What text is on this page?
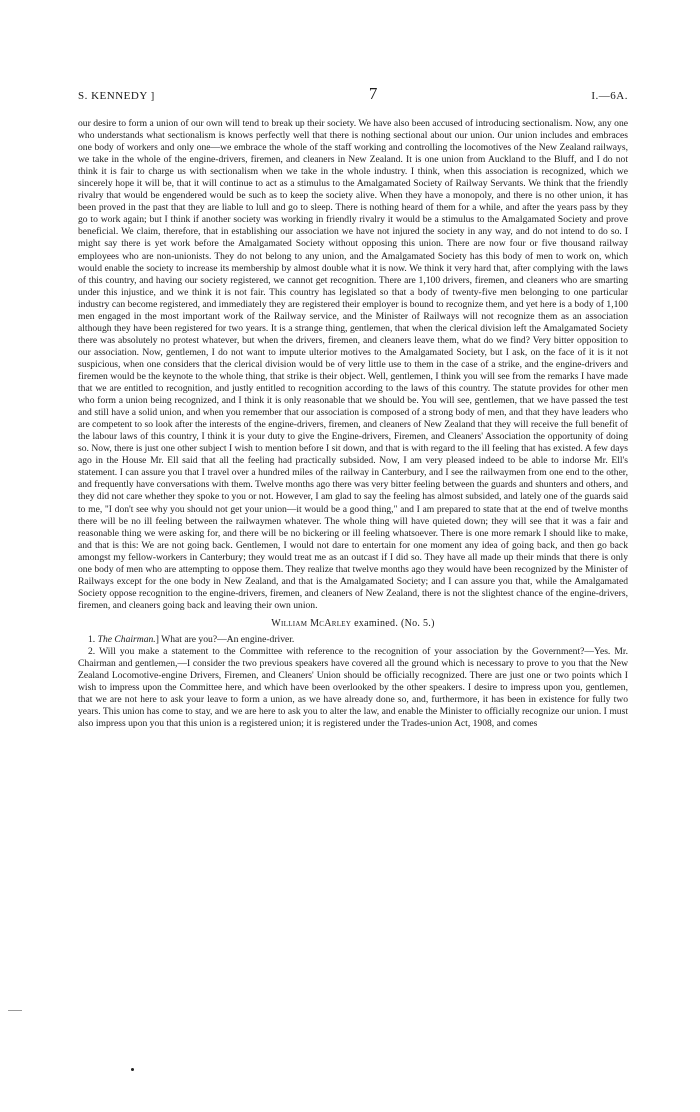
S. KENNEDY ]	7	I.—6A.

our desire to form a union of our own will tend to break up their society. We have also been accused of introducing sectionalism. Now, any one who understands what sectionalism is knows perfectly well that there is nothing sectional about our union. Our union includes and embraces one body of workers and only one—we embrace the whole of the staff working and controlling the locomotives of the New Zealand railways, we take in the whole of the engine-drivers, firemen, and cleaners in New Zealand. It is one union from Auckland to the Bluff, and I do not think it is fair to charge us with sectionalism when we take in the whole industry. I think, when this association is recognized, which we sincerely hope it will be, that it will continue to act as a stimulus to the Amalgamated Society of Railway Servants. We think that the friendly rivalry that would be engendered would be such as to keep the society alive. When they have a monopoly, and there is no other union, it has been proved in the past that they are liable to lull and go to sleep. There is nothing heard of them for a while, and after the years pass by they go to work again; but I think if another society was working in friendly rivalry it would be a stimulus to the Amalgamated Society and prove beneficial. We claim, therefore, that in establishing our association we have not injured the society in any way, and do not intend to do so. I might say there is yet work before the Amalgamated Society without opposing this union. There are now four or five thousand railway employees who are non-unionists. They do not belong to any union, and the Amalgamated Society has this body of men to work on, which would enable the society to increase its membership by almost double what it is now. We think it very hard that, after complying with the laws of this country, and having our society registered, we cannot get recognition. There are 1,100 drivers, firemen, and cleaners who are smarting under this injustice, and we think it is not fair. This country has legislated so that a body of twenty-five men belonging to one particular industry can become registered, and immediately they are registered their employer is bound to recognize them, and yet here is a body of 1,100 men engaged in the most important work of the Railway service, and the Minister of Railways will not recognize them as an association although they have been registered for two years. It is a strange thing, gentlemen, that when the clerical division left the Amalgamated Society there was absolutely no protest whatever, but when the drivers, firemen, and cleaners leave them, what do we find? Very bitter opposition to our association. Now, gentlemen, I do not want to impute ulterior motives to the Amalgamated Society, but I ask, on the face of it is it not suspicious, when one considers that the clerical division would be of very little use to them in the case of a strike, and the engine-drivers and firemen would be the keynote to the whole thing, that strike is their object. Well, gentlemen, I think you will see from the remarks I have made that we are entitled to recognition, and justly entitled to recognition according to the laws of this country. The statute provides for other men who form a union being recognized, and I think it is only reasonable that we should be. You will see, gentlemen, that we have passed the test and still have a solid union, and when you remember that our association is composed of a strong body of men, and that they have leaders who are competent to so look after the interests of the engine-drivers, firemen, and cleaners of New Zealand that they will receive the full benefit of the labour laws of this country, I think it is your duty to give the Engine-drivers, Firemen, and Cleaners' Association the opportunity of doing so. Now, there is just one other subject I wish to mention before I sit down, and that is with regard to the ill feeling that has existed. A few days ago in the House Mr. Ell said that all the feeling had practically subsided. Now, I am very pleased indeed to be able to indorse Mr. Ell's statement. I can assure you that I travel over a hundred miles of the railway in Canterbury, and I see the railwaymen from one end to the other, and frequently have conversations with them. Twelve months ago there was very bitter feeling between the guards and shunters and others, and they did not care whether they spoke to you or not. However, I am glad to say the feeling has almost subsided, and lately one of the guards said to me, "I don't see why you should not get your union—it would be a good thing," and I am prepared to state that at the end of twelve months there will be no ill feeling between the railwaymen whatever. The whole thing will have quieted down; they will see that it was a fair and reasonable thing we were asking for, and there will be no bickering or ill feeling whatsoever. There is one more remark I should like to make, and that is this: We are not going back. Gentlemen, I would not dare to entertain for one moment any idea of going back, and then go back amongst my fellow-workers in Canterbury; they would treat me as an outcast if I did so. They have all made up their minds that there is only one body of men who are attempting to oppose them. They realize that twelve months ago they would have been recognized by the Minister of Railways except for the one body in New Zealand, and that is the Amalgamated Society; and I can assure you that, while the Amalgamated Society oppose recognition to the engine-drivers, firemen, and cleaners of New Zealand, there is not the slightest chance of the engine-drivers, firemen, and cleaners going back and leaving their own union.

William McArley examined. (No. 5.)

1. The Chairman.] What are you?—An engine-driver.

2. Will you make a statement to the Committee with reference to the recognition of your association by the Government?—Yes. Mr. Chairman and gentlemen,—I consider the two previous speakers have covered all the ground which is necessary to prove to you that the New Zealand Locomotive-engine Drivers, Firemen, and Cleaners' Union should be officially recognized. There are just one or two points which I wish to impress upon the Committee here, and which have been overlooked by the other speakers. I desire to impress upon you, gentlemen, that we are not here to ask your leave to form a union, as we have already done so, and, furthermore, it has been in existence for fully two years. This union has come to stay, and we are here to ask you to alter the law, and enable the Minister to officially recognize our union. I must also impress upon you that this union is a registered union; it is registered under the Trades-union Act, 1908, and comes
